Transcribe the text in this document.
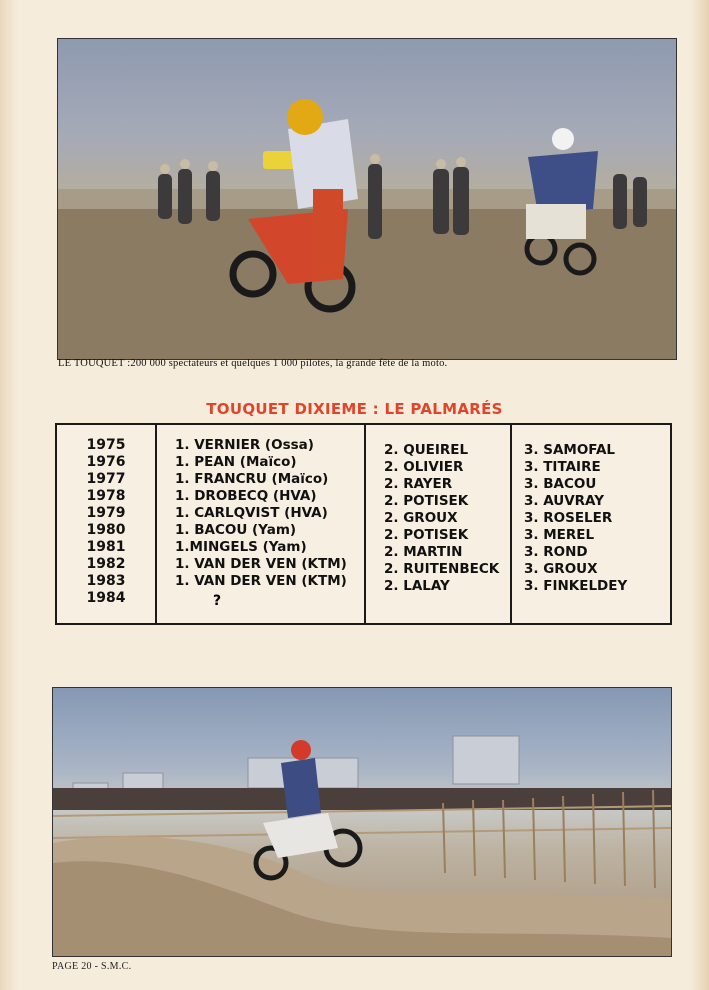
LE TOUQUET :200 000 spectateurs et quelques 1 000 pilotes, la grande fête de la moto.
TOUQUET DIXIEME : LE PALMARÉS
1975
1976
1977
1978
1979
1980
1981
1982
1983
1984
1. VERNIER (Ossa)
1. PEAN (Maïco)
1. FRANCRU (Maïco)
1. DROBECQ (HVA)
1. CARLQVIST (HVA)
1. BACOU (Yam)
1.MINGELS (Yam)
1. VAN DER VEN (KTM)
1. VAN DER VEN (KTM)
?
2. QUEIREL
2. OLIVIER
2. RAYER
2. POTISEK
2. GROUX
2. POTISEK
2. MARTIN
2. RUITENBECK
2. LALAY
3. SAMOFAL
3. TITAIRE
3. BACOU
3. AUVRAY
3. ROSELER
3. MEREL
3. ROND
3. GROUX
3. FINKELDEY
PAGE 20 - S.M.C.
